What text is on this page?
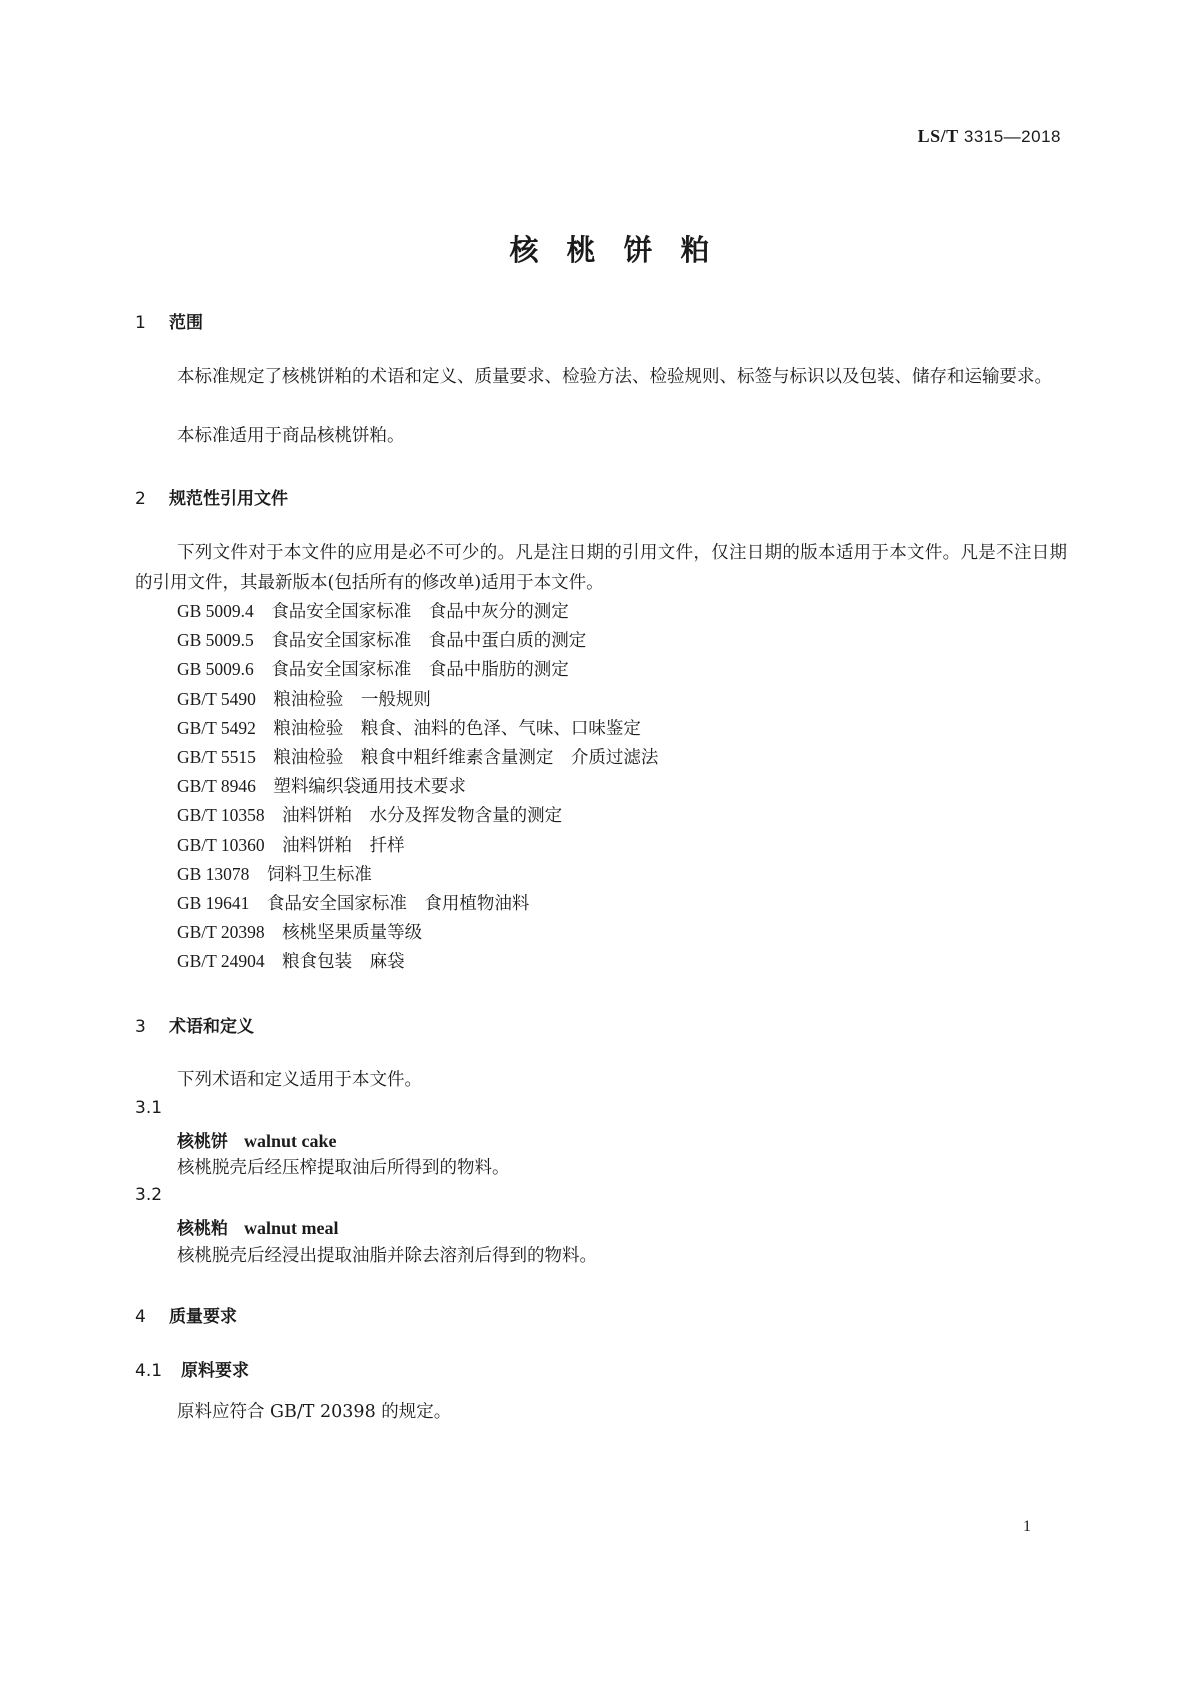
LS/T 3315—2018
核桃饼粕
1 范围
本标准规定了核桃饼粕的术语和定义、质量要求、检验方法、检验规则、标签与标识以及包装、储存和运输要求。
本标准适用于商品核桃饼粕。
2 规范性引用文件
下列文件对于本文件的应用是必不可少的。凡是注日期的引用文件，仅注日期的版本适用于本文件。凡是不注日期的引用文件，其最新版本(包括所有的修改单)适用于本文件。
GB 5009.4　 食品安全国家标准　食品中灰分的测定
GB 5009.5　 食品安全国家标准　食品中蛋白质的测定
GB 5009.6　 食品安全国家标准　食品中脂肪的测定
GB/T 5490　 粮油检验　一般规则
GB/T 5492　 粮油检验　粮食、油料的色泽、气味、口味鉴定
GB/T 5515　 粮油检验　粮食中粗纤维素含量测定　介质过滤法
GB/T 8946　 塑料编织袋通用技术要求
GB/T 10358　 油料饼粕　水分及挥发物含量的测定
GB/T 10360　 油料饼粕　扦样
GB 13078　 饲料卫生标准
GB 19641　 食品安全国家标准　食用植物油料
GB/T 20398　 核桃坚果质量等级
GB/T 24904　 粮食包装　麻袋
3 术语和定义
下列术语和定义适用于本文件。
3.1
核桃饼 walnut cake
核桃脱壳后经压榨提取油后所得到的物料。
3.2
核桃粕 walnut meal
核桃脱壳后经浸出提取油脂并除去溶剂后得到的物料。
4 质量要求
4.1 原料要求
原料应符合 GB/T 20398 的规定。
1
